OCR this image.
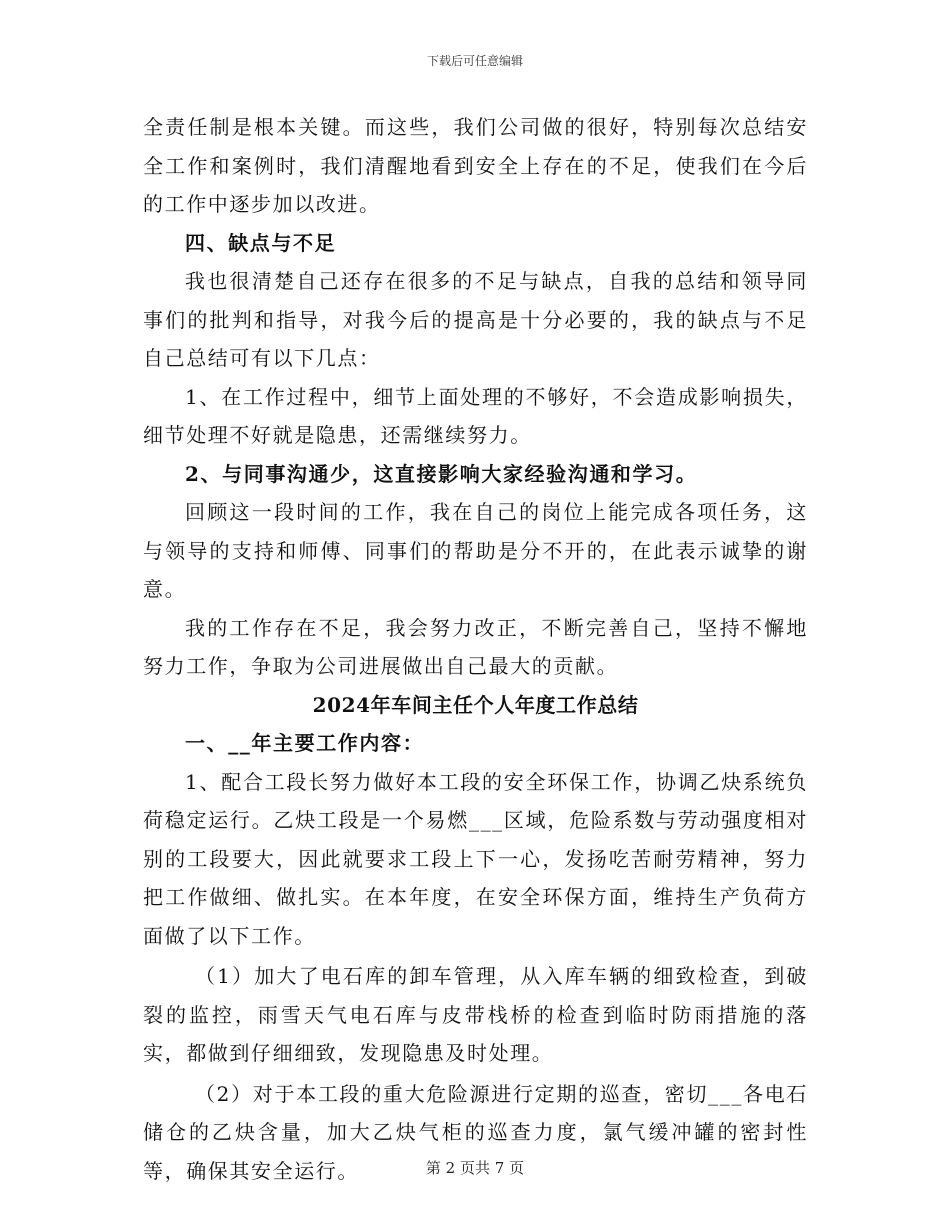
下载后可任意编辑

全责任制是根本关键。而这些，我们公司做的很好，特别每次总结安全工作和案例时，我们清醒地看到安全上存在的不足，使我们在今后的工作中逐步加以改进。

四、缺点与不足

我也很清楚自己还存在很多的不足与缺点，自我的总结和领导同事们的批判和指导，对我今后的提高是十分必要的，我的缺点与不足自己总结可有以下几点：

1、在工作过程中，细节上面处理的不够好，不会造成影响损失，细节处理不好就是隐患，还需继续努力。

2、与同事沟通少，这直接影响大家经验沟通和学习。

回顾这一段时间的工作，我在自己的岗位上能完成各项任务，这与领导的支持和师傅、同事们的帮助是分不开的，在此表示诚挚的谢意。

我的工作存在不足，我会努力改正，不断完善自己，坚持不懈地努力工作，争取为公司进展做出自己最大的贡献。

2024年车间主任个人年度工作总结

一、__年主要工作内容：

1、配合工段长努力做好本工段的安全环保工作，协调乙炔系统负荷稳定运行。乙炔工段是一个易燃___区域，危险系数与劳动强度相对别的工段要大，因此就要求工段上下一心，发扬吃苦耐劳精神，努力把工作做细、做扎实。在本年度，在安全环保方面，维持生产负荷方面做了以下工作。

（1）加大了电石库的卸车管理，从入库车辆的细致检查，到破裂的监控，雨雪天气电石库与皮带栈桥的检查到临时防雨措施的落实，都做到仔细细致，发现隐患及时处理。

（2）对于本工段的重大危险源进行定期的巡查，密切___各电石储仓的乙炔含量，加大乙炔气柜的巡查力度，氯气缓冲罐的密封性等，确保其安全运行。	第 2 页共 7 页
